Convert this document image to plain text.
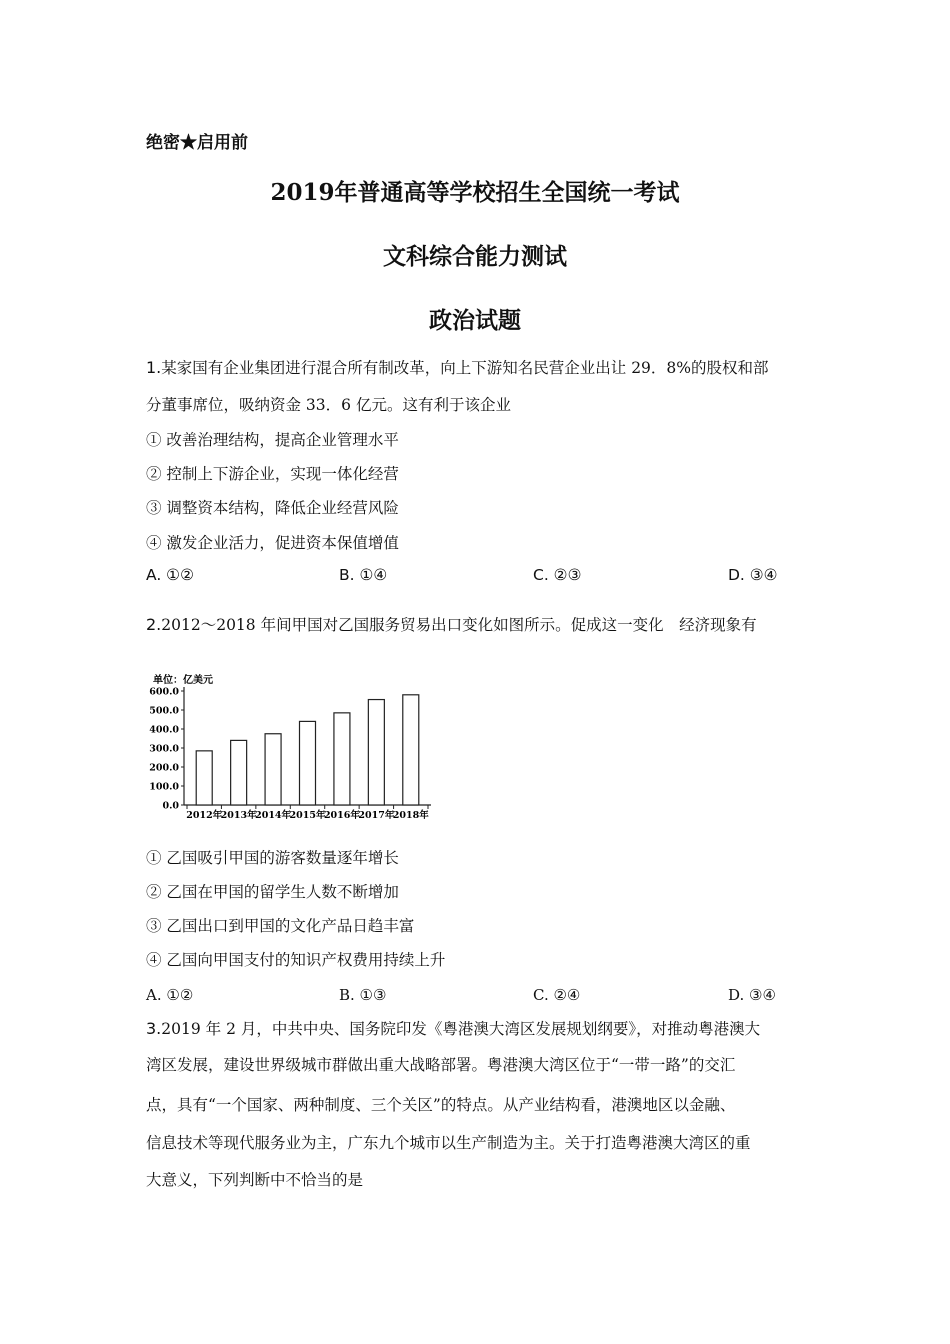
绝密★启用前
2019年普通高等学校招生全国统一考试
文科综合能力测试
政治试题
1.某家国有企业集团进行混合所有制改革，向上下游知名民营企业出让 29．8%的股权和部
分董事席位，吸纳资金 33．6 亿元。这有利于该企业
① 改善治理结构，提高企业管理水平
② 控制上下游企业，实现一体化经营
③ 调整资本结构，降低企业经营风险
④ 激发企业活力，促进资本保值增值
A. ①②	B. ①④	C. ②③	D. ③④
2.2012～2018 年间甲国对乙国服务贸易出口变化如图所示。促成这一变化　经济现象有
单位：亿美元
0.0
100.0
200.0
300.0
400.0
500.0
600.0
2012年
2013年
2014年
2015年
2016年
2017年
2018年
① 乙国吸引甲国的游客数量逐年增长
② 乙国在甲国的留学生人数不断增加
③ 乙国出口到甲国的文化产品日趋丰富
④ 乙国向甲国支付的知识产权费用持续上升
A. ①②	B. ①③	C. ②④	D. ③④
3.2019 年 2 月，中共中央、国务院印发《粤港澳大湾区发展规划纲要》，对推动粤港澳大
湾区发展，建设世界级城市群做出重大战略部署。粤港澳大湾区位于“一带一路”的交汇
点，具有“一个国家、两种制度、三个关区”的特点。从产业结构看，港澳地区以金融、
信息技术等现代服务业为主，广东九个城市以生产制造为主。关于打造粤港澳大湾区的重
大意义，下列判断中不恰当的是
